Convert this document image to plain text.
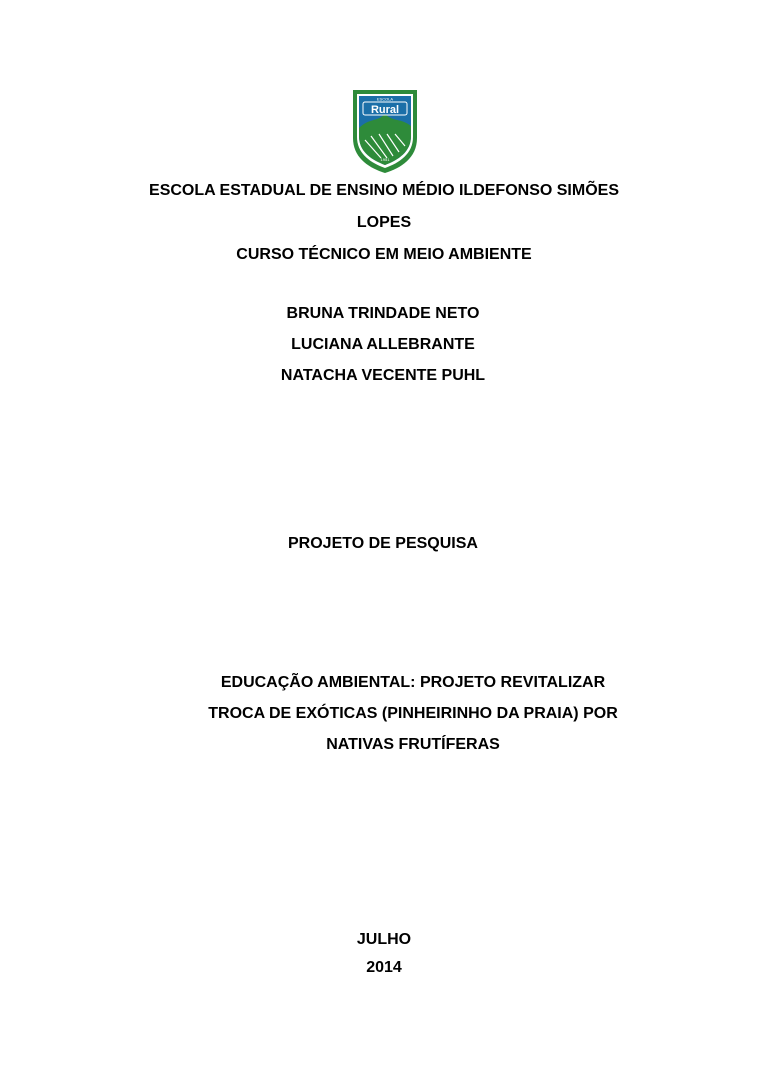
ESCOLA
Rural
1951
ESCOLA ESTADUAL DE ENSINO MÉDIO ILDEFONSO SIMÕES
LOPES
CURSO TÉCNICO EM MEIO AMBIENTE
BRUNA TRINDADE NETO
LUCIANA ALLEBRANTE
NATACHA VECENTE PUHL
PROJETO DE PESQUISA
EDUCAÇÃO AMBIENTAL: PROJETO REVITALIZAR
TROCA DE EXÓTICAS (PINHEIRINHO DA PRAIA) POR
NATIVAS FRUTÍFERAS
JULHO
2014
